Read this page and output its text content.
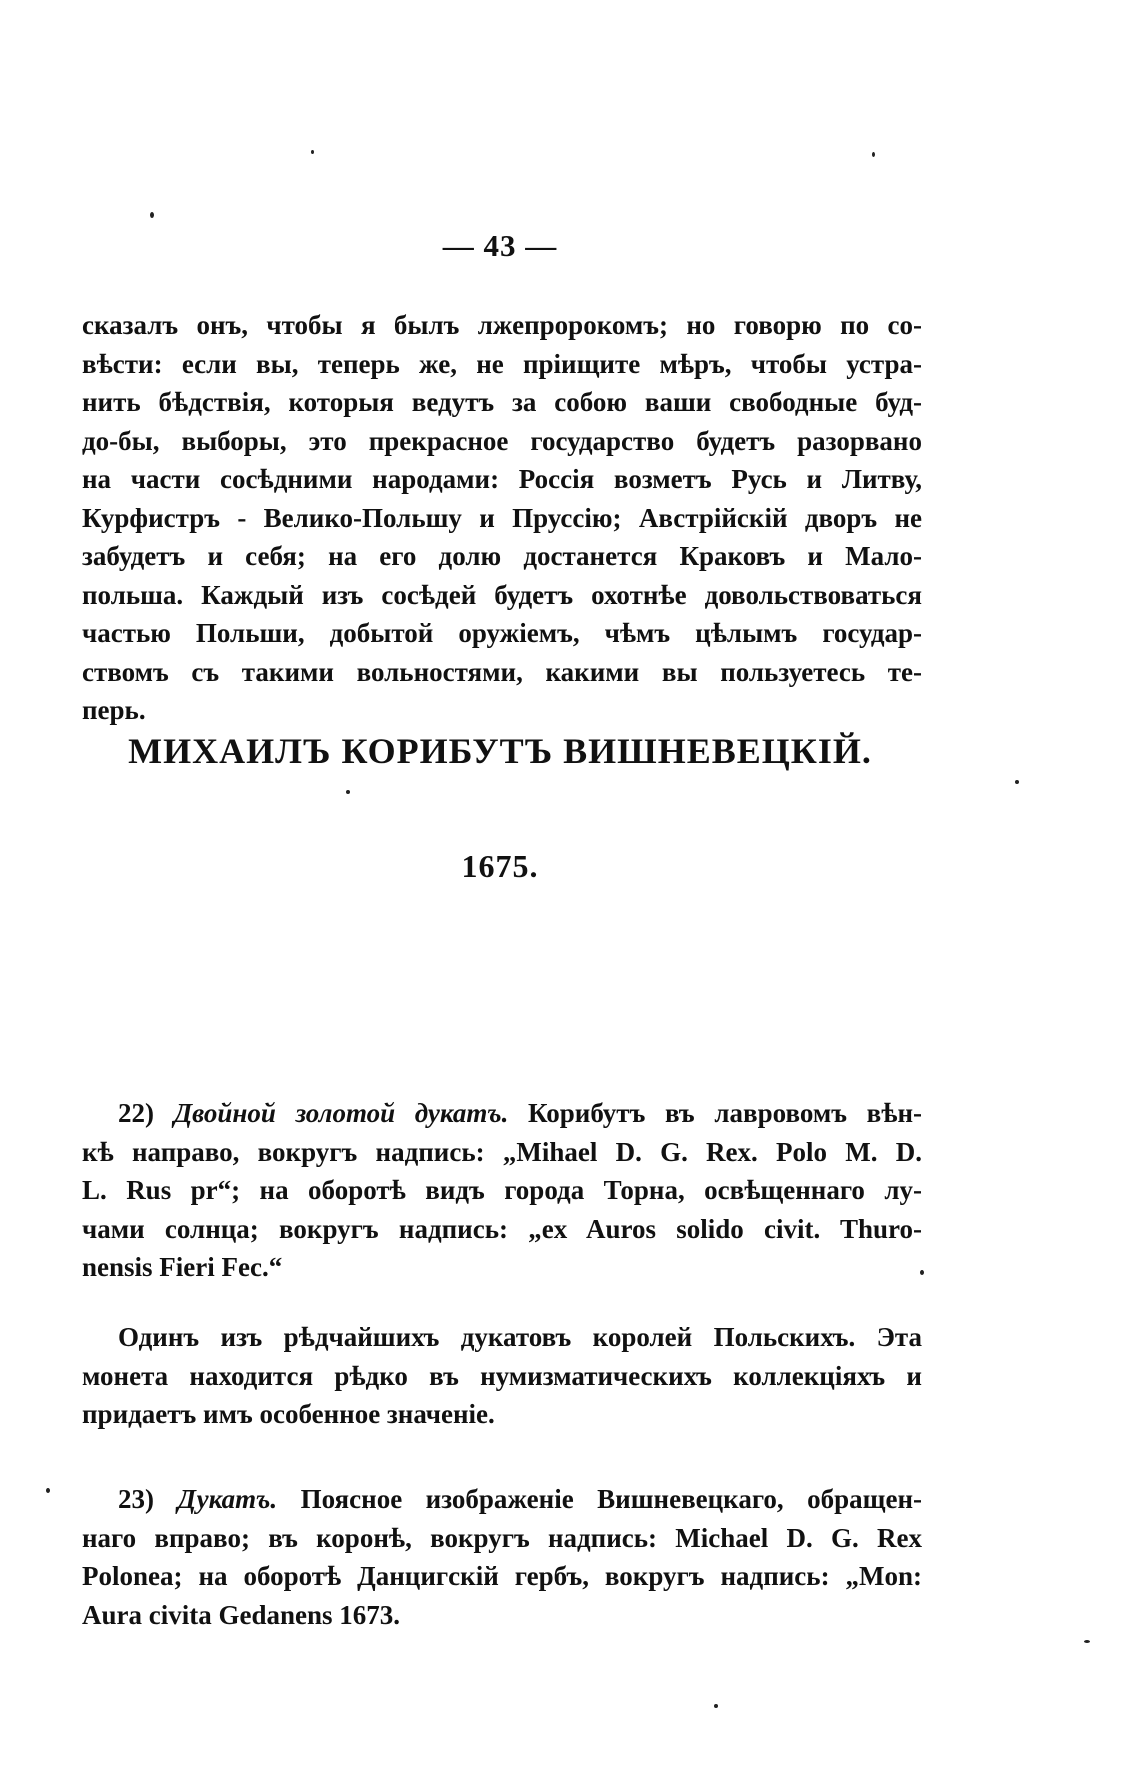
— 43 —
сказалъ онъ, чтобы я былъ лжепророкомъ; но говорю по со-
вѣсти: если вы, теперь же, не пріищите мѣръ, чтобы устра-
нить бѣдствія, которыя ведутъ за собою ваши свободные буд-
до-бы, выборы, это прекрасное государство будетъ разорвано
на части сосѣдними народами: Россія возметъ Русь и Литву,
Курфистръ - Велико-Польшу и Пруссію; Австрійскій дворъ не
забудетъ и себя; на его долю достанется Краковъ и Мало-
польша. Каждый изъ сосѣдей будетъ охотнѣе довольствоваться
частью Польши, добытой оружіемъ, чѣмъ цѣлымъ государ-
ствомъ съ такими вольностями, какими вы пользуетесь те-
перь.
МИХАИЛЪ КОРИБУТЪ ВИШНЕВЕЦКІЙ.
1675.
22) Двойной золотой дукатъ. Корибутъ въ лавровомъ вѣн-
кѣ направо, вокругъ надпись: „Mihael D. G. Rex. Polo M. D.
L. Rus pr“; на оборотѣ видъ города Торна, освѣщеннаго лу-
чами солнца; вокругъ надпись: „ex Auros solido civit. Thuro-
nensis Fieri Fec.“
Одинъ изъ рѣдчайшихъ дукатовъ королей Польскихъ. Эта
монета находится рѣдко въ нумизматическихъ коллекціяхъ и
придаетъ имъ особенное значеніе.
23) Дукатъ. Поясное изображеніе Вишневецкаго, обращен-
наго вправо; въ коронѣ, вокругъ надпись: Michael D. G. Rex
Polonea; на оборотѣ Данцигскій гербъ, вокругъ надпись: „Mon:
Aura civita Gedanens 1673.
